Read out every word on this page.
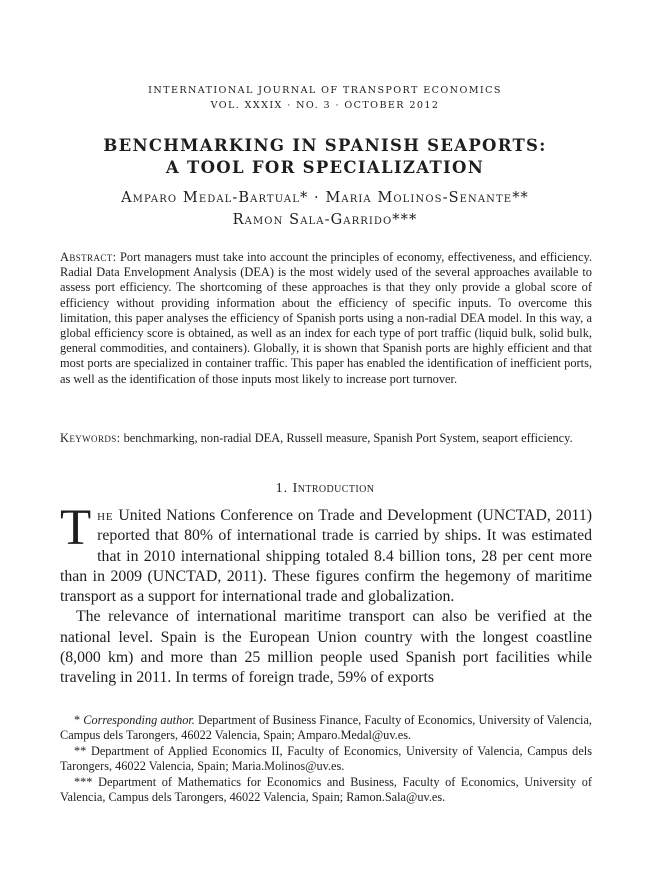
INTERNATIONAL JOURNAL OF TRANSPORT ECONOMICS
VOL. XXXIX · NO. 3 · OCTOBER 2012
BENCHMARKING IN SPANISH SEAPORTS:
A TOOL FOR SPECIALIZATION
Amparo Medal-Bartual* · Maria Molinos-Senante**
Ramon Sala-Garrido***
Abstract: Port managers must take into account the principles of economy, effectiveness, and efficiency. Radial Data Envelopment Analysis (DEA) is the most widely used of the several approaches available to assess port efficiency. The shortcoming of these approaches is that they only provide a global score of efficiency without providing information about the efficiency of specific inputs. To overcome this limitation, this paper analyses the efficiency of Spanish ports using a non-radial DEA model. In this way, a global efficiency score is obtained, as well as an index for each type of port traffic (liquid bulk, solid bulk, general commodities, and containers). Globally, it is shown that Spanish ports are highly efficient and that most ports are specialized in container traffic. This paper has enabled the identification of inefficient ports, as well as the identification of those inputs most likely to increase port turnover.
Keywords: benchmarking, non-radial DEA, Russell measure, Spanish Port System, seaport efficiency.
1. Introduction

The United Nations Conference on Trade and Development (UNCTAD, 2011) reported that 80% of international trade is carried by ships. It was estimated that in 2010 international shipping totaled 8.4 billion tons, 28 per cent more than in 2009 (UNCTAD, 2011). These figures confirm the hegemony of maritime transport as a support for international trade and globalization.

The relevance of international maritime transport can also be verified at the national level. Spain is the European Union country with the longest coastline (8,000 km) and more than 25 million people used Spanish port facilities while traveling in 2011. In terms of foreign trade, 59% of exports

* Corresponding author. Department of Business Finance, Faculty of Economics, University of Valencia, Campus dels Tarongers, 46022 Valencia, Spain; Amparo.Medal@uv.es.

** Department of Applied Economics II, Faculty of Economics, University of Valencia, Campus dels Tarongers, 46022 Valencia, Spain; Maria.Molinos@uv.es.

*** Department of Mathematics for Economics and Business, Faculty of Economics, University of Valencia, Campus dels Tarongers, 46022 Valencia, Spain; Ramon.Sala@uv.es.
